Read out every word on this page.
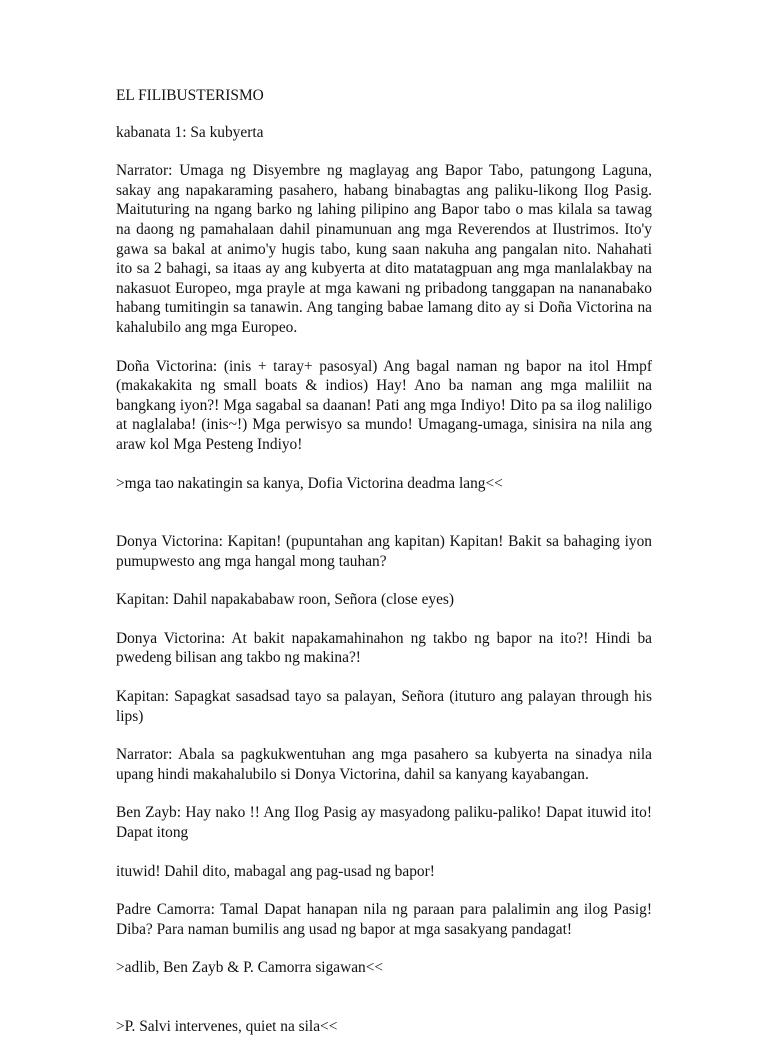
EL FILIBUSTERISMO

kabanata 1: Sa kubyerta

Narrator: Umaga ng Disyembre ng maglayag ang Bapor Tabo, patungong Laguna, sakay ang napakaraming pasahero, habang binabagtas ang paliku-likong Ilog Pasig. Maituturing na ngang barko ng lahing pilipino ang Bapor tabo o mas kilala sa tawag na daong ng pamahalaan dahil pinamunuan ang mga Reverendos at Ilustrimos. Ito'y gawa sa bakal at animo'y hugis tabo, kung saan nakuha ang pangalan nito. Nahahati ito sa 2 bahagi, sa itaas ay ang kubyerta at dito matatagpuan ang mga manlalakbay na nakasuot Europeo, mga prayle at mga kawani ng pribadong tanggapan na nananabako habang tumitingin sa tanawin. Ang tanging babae lamang dito ay si Doña Victorina na kahalubilo ang mga Europeo.

Doña Victorina: (inis + taray+ pasosyal) Ang bagal naman ng bapor na itol Hmpf (makakakita ng small boats & indios) Hay! Ano ba naman ang mga maliliit na bangkang iyon?! Mga sagabal sa daanan! Pati ang mga Indiyo! Dito pa sa ilog naliligo at naglalaba! (inis~!) Mga perwisyo sa mundo! Umagang-umaga, sinisira na nila ang araw kol Mga Pesteng Indiyo!

>mga tao nakatingin sa kanya, Dofia Victorina deadma lang<<

Donya Victorina: Kapitan! (pupuntahan ang kapitan) Kapitan! Bakit sa bahaging iyon pumupwesto ang mga hangal mong tauhan?

Kapitan: Dahil napakababaw roon, Señora (close eyes)

Donya Victorina: At bakit napakamahinahon ng takbo ng bapor na ito?! Hindi ba pwedeng bilisan ang takbo ng makina?!

Kapitan: Sapagkat sasadsad tayo sa palayan, Señora (ituturo ang palayan through his lips)

Narrator: Abala sa pagkukwentuhan ang mga pasahero sa kubyerta na sinadya nila upang hindi makahalubilo si Donya Victorina, dahil sa kanyang kayabangan.

Ben Zayb: Hay nako !! Ang Ilog Pasig ay masyadong paliku-paliko! Dapat ituwid ito! Dapat itong

ituwid! Dahil dito, mabagal ang pag-usad ng bapor!

Padre Camorra: Tamal Dapat hanapan nila ng paraan para palalimin ang ilog Pasig! Diba? Para naman bumilis ang usad ng bapor at mga sasakyang pandagat!

>adlib, Ben Zayb & P. Camorra sigawan<<

>P. Salvi intervenes, quiet na sila<<
